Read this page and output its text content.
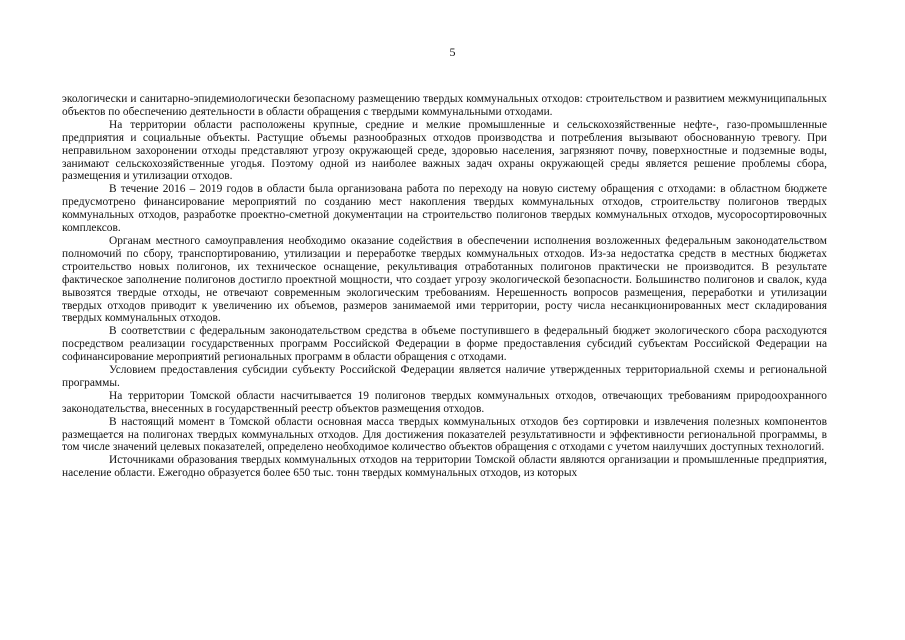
5

экологически и санитарно-эпидемиологически безопасному размещению твердых коммунальных отходов: строительством и развитием межмуниципальных объектов по обеспечению деятельности в области обращения с твердыми коммунальными отходами.

На территории области расположены крупные, средние и мелкие промышленные и сельскохозяйственные нефте-, газо-промышленные предприятия и социальные объекты. Растущие объемы разнообразных отходов производства и потребления вызывают обоснованную тревогу. При неправильном захоронении отходы представляют угрозу окружающей среде, здоровью населения, загрязняют почву, поверхностные и подземные воды, занимают сельскохозяйственные угодья. Поэтому одной из наиболее важных задач охраны окружающей среды является решение проблемы сбора, размещения и утилизации отходов.

В течение 2016 – 2019 годов в области была организована работа по переходу на новую систему обращения с отходами: в областном бюджете предусмотрено финансирование мероприятий по созданию мест накопления твердых коммунальных отходов, строительству полигонов твердых коммунальных отходов, разработке проектно-сметной документации на строительство полигонов твердых коммунальных отходов, мусоросортировочных комплексов.

Органам местного самоуправления необходимо оказание содействия в обеспечении исполнения возложенных федеральным законодательством полномочий по сбору, транспортированию, утилизации и переработке твердых коммунальных отходов. Из-за недостатка средств в местных бюджетах строительство новых полигонов, их техническое оснащение, рекультивация отработанных полигонов практически не производится. В результате фактическое заполнение полигонов достигло проектной мощности, что создает угрозу экологической безопасности. Большинство полигонов и свалок, куда вывозятся твердые отходы, не отвечают современным экологическим требованиям. Нерешенность вопросов размещения, переработки и утилизации твердых отходов приводит к увеличению их объемов, размеров занимаемой ими территории, росту числа несанкционированных мест складирования твердых коммунальных отходов.

В соответствии с федеральным законодательством средства в объеме поступившего в федеральный бюджет экологического сбора расходуются посредством реализации государственных программ Российской Федерации в форме предоставления субсидий субъектам Российской Федерации на софинансирование мероприятий региональных программ в области обращения с отходами.

Условием предоставления субсидии субъекту Российской Федерации является наличие утвержденных территориальной схемы и региональной программы.

На территории Томской области насчитывается 19 полигонов твердых коммунальных отходов, отвечающих требованиям природоохранного законодательства, внесенных в государственный реестр объектов размещения отходов.

В настоящий момент в Томской области основная масса твердых коммунальных отходов без сортировки и извлечения полезных компонентов размещается на полигонах твердых коммунальных отходов. Для достижения показателей результативности и эффективности региональной программы, в том числе значений целевых показателей, определено необходимое количество объектов обращения с отходами с учетом наилучших доступных технологий.

Источниками образования твердых коммунальных отходов на территории Томской области являются организации и промышленные предприятия, население области. Ежегодно образуется более 650 тыс. тонн твердых коммунальных отходов, из которых
